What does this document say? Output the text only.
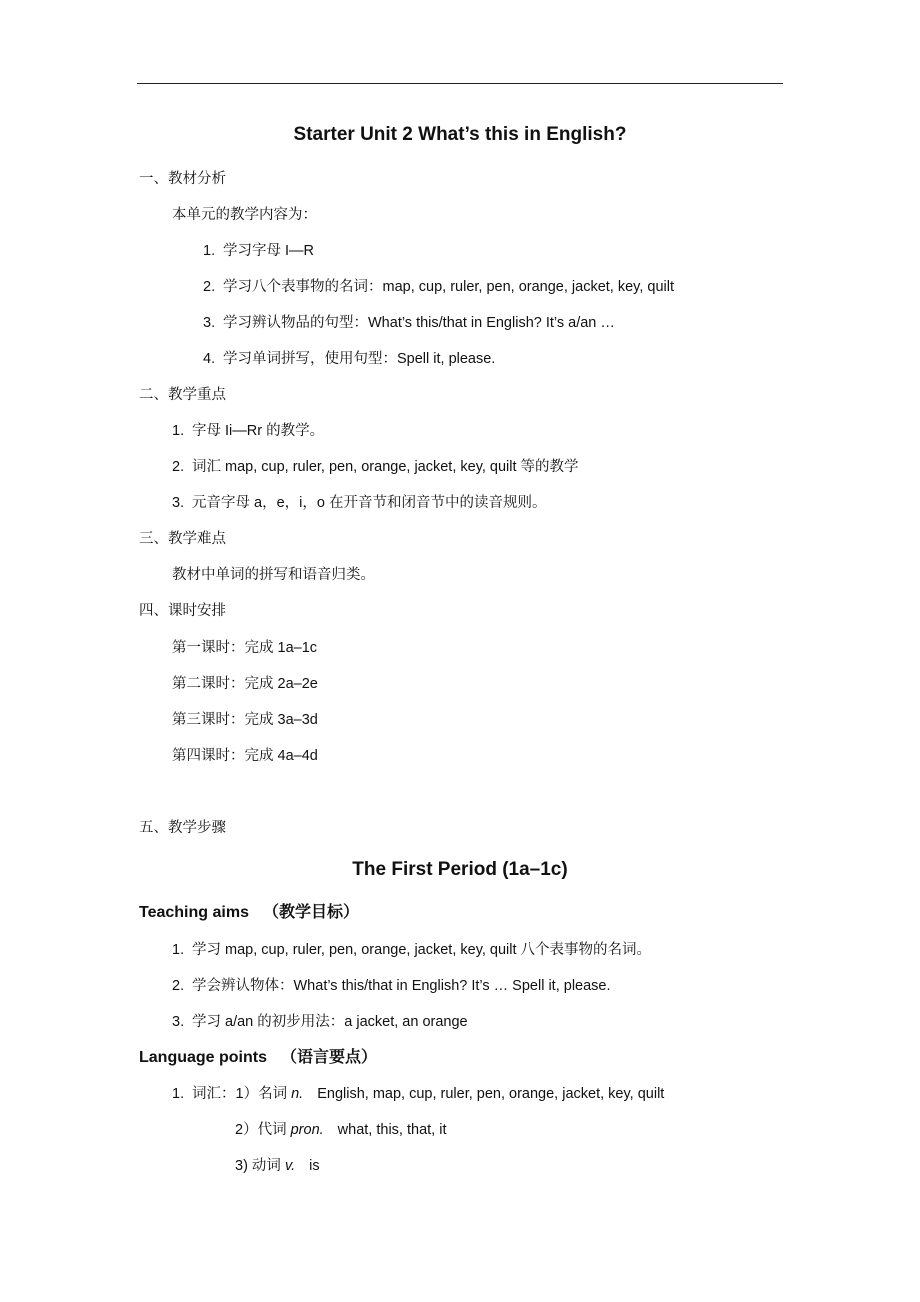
Starter Unit 2 What’s this in English?
一、教材分析
本单元的教学内容为：
1. 学习字母 I—R
2. 学习八个表事物的名词：map, cup, ruler, pen, orange, jacket, key, quilt
3. 学习辨认物品的句型：What’s this/that in English? It’s a/an …
4. 学习单词拼写，使用句型：Spell it, please.
二、教学重点
1. 字母 Ii—Rr 的教学。
2. 词汇 map, cup, ruler, pen, orange, jacket, key, quilt 等的教学
3. 元音字母 a，e，i，o 在开音节和闭音节中的读音规则。
三、教学难点
教材中单词的拼写和语音归类。
四、课时安排
第一课时：完成 1a–1c
第二课时：完成 2a–2e
第三课时：完成 3a–3d
第四课时：完成 4a–4d
五、教学步骤
The First Period (1a–1c)
Teaching aims （教学目标）
1. 学习 map, cup, ruler, pen, orange, jacket, key, quilt 八个表事物的名词。
2. 学会辨认物体：What’s this/that in English? It’s … Spell it, please.
3. 学习 a/an 的初步用法：a jacket, an orange
Language points （语言要点）
1. 词汇：1）名词 n. English, map, cup, ruler, pen, orange, jacket, key, quilt
2）代词 pron. what, this, that, it
3) 动词 v. is
